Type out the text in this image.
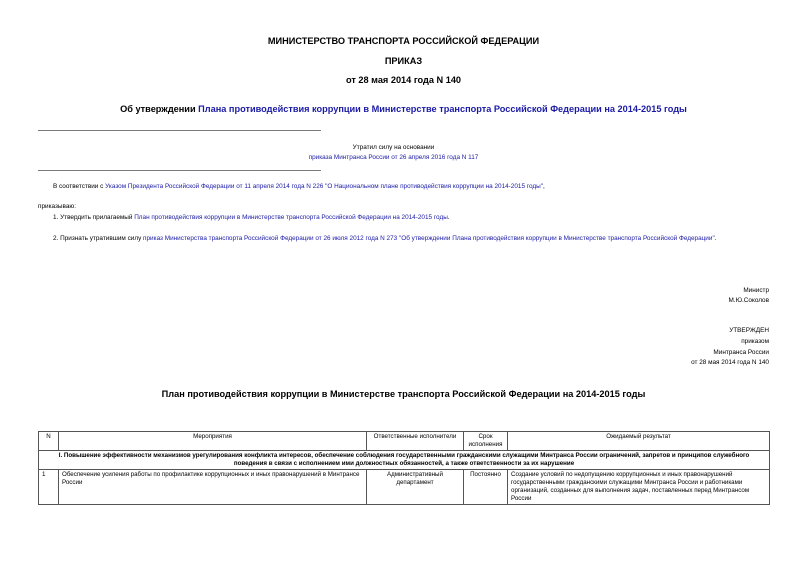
МИНИСТЕРСТВО ТРАНСПОРТА РОССИЙСКОЙ ФЕДЕРАЦИИ
ПРИКАЗ
от 28 мая 2014 года N 140
Об утверждении Плана противодействия коррупции в Министерстве транспорта Российской Федерации на 2014-2015 годы
Утратил силу на основании
приказа Минтранса России от 26 апреля 2016 года N 117
В соответствии с Указом Президента Российской Федерации от 11 апреля 2014 года N 226 "О Национальном плане противодействия коррупции на 2014-2015 годы",
приказываю:
1. Утвердить прилагаемый План противодействия коррупции в Министерстве транспорта Российской Федерации на 2014-2015 годы.
2. Признать утратившим силу приказ Министерства транспорта Российской Федерации от 26 июля 2012 года N 273 "Об утверждении Плана противодействия коррупции в Министерстве транспорта Российской Федерации".
Министр
М.Ю.Соколов
УТВЕРЖДЕН
приказом
Минтранса России
от 28 мая 2014 года N 140
План противодействия коррупции в Министерстве транспорта Российской Федерации на 2014-2015 годы
N	Мероприятия	Ответственные исполнители	Срок исполнения	Ожидаемый результат
I. Повышение эффективности механизмов урегулирования конфликта интересов, обеспечение соблюдения государственными гражданскими служащими Минтранса России ограничений, запретов и принципов служебного поведения в связи с исполнением ими должностных обязанностей, а также ответственности за их нарушение				
1	Обеспечение усиления работы по профилактике коррупционных и иных правонарушений в Минтрансе России	Административный департамент	Постоянно	Создание условий по недопущению коррупционных и иных правонарушений государственными гражданскими служащими Минтранса России и работниками организаций, созданных для выполнения задач, поставленных перед Минтрансом России
